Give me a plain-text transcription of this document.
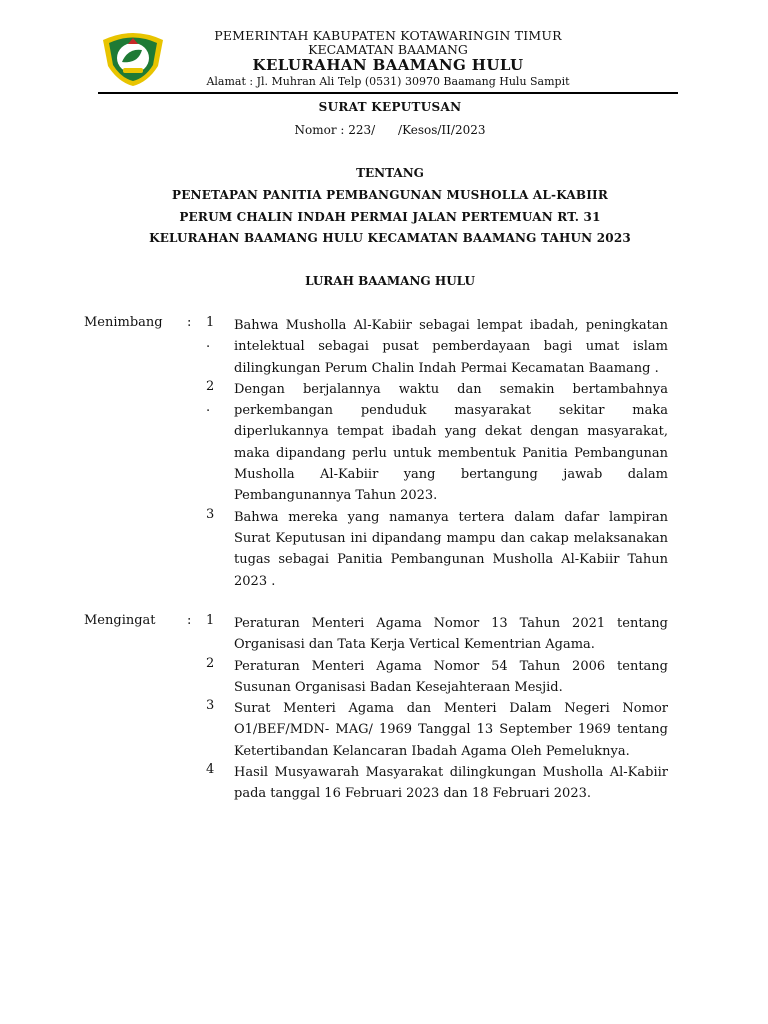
PEMERINTAH KABUPATEN KOTAWARINGIN TIMUR
KECAMATAN BAAMANG
KELURAHAN BAAMANG HULU
Alamat : Jl. Muhran Ali Telp (0531) 30970 Baamang Hulu Sampit
SURAT KEPUTUSAN
Nomor : 223/      /Kesos/II/2023
TENTANG
PENETAPAN PANITIA PEMBANGUNAN MUSHOLLA AL-KABIIR
PERUM CHALIN INDAH PERMAI JALAN PERTEMUAN RT. 31
KELURAHAN BAAMANG HULU KECAMATAN BAAMANG TAHUN 2023
LURAH BAAMANG HULU
Menimbang : 1
.
Bahwa Musholla Al-Kabiir sebagai lempat ibadah, peningkatan intelektual sebagai pusat pemberdayaan bagi umat islam dilingkungan Perum Chalin Indah Permai Kecamatan Baamang .
2
.
Dengan berjalannya waktu dan semakin bertambahnya perkembangan penduduk masyarakat sekitar maka diperlukannya tempat ibadah yang dekat dengan masyarakat, maka dipandang perlu untuk membentuk Panitia Pembangunan Musholla Al-Kabiir yang bertangung jawab dalam Pembangunannya Tahun 2023.
3 Bahwa mereka yang namanya tertera dalam dafar lampiran Surat Keputusan ini dipandang mampu dan cakap melaksanakan tugas sebagai Panitia Pembangunan Musholla Al-Kabiir Tahun 2023 .
Mengingat : 1 Peraturan Menteri Agama Nomor 13 Tahun 2021 tentang Organisasi dan Tata Kerja Vertical Kementrian Agama.
2 Peraturan Menteri Agama Nomor 54 Tahun 2006 tentang Susunan Organisasi Badan Kesejahteraan Mesjid.
3 Surat Menteri Agama dan Menteri Dalam Negeri Nomor O1/BEF/MDN- MAG/ 1969 Tanggal 13 September 1969 tentang Ketertibandan Kelancaran Ibadah Agama Oleh Pemeluknya.
4 Hasil Musyawarah Masyarakat dilingkungan Musholla Al-Kabiir pada tanggal 16 Februari 2023 dan 18 Februari 2023.
